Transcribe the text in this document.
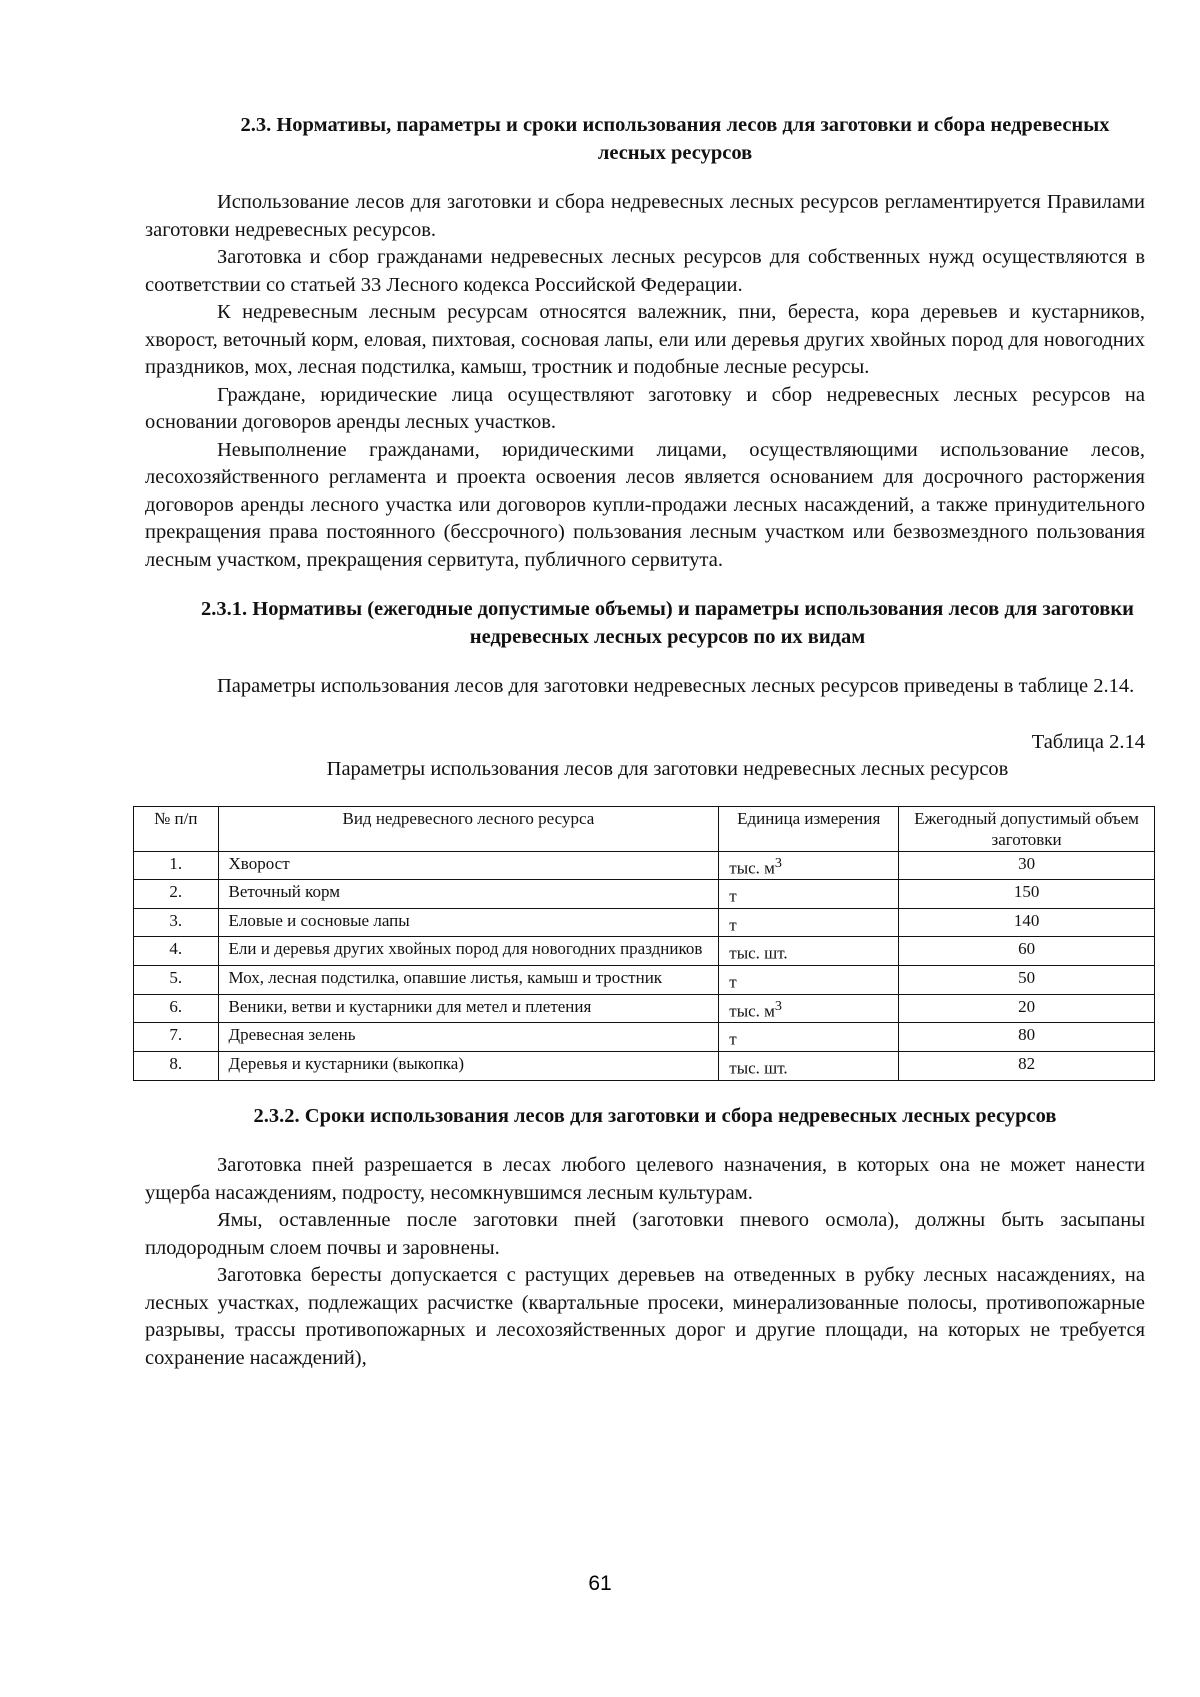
2.3. Нормативы, параметры и сроки использования лесов для заготовки и сбора недревесных лесных ресурсов

Использование лесов для заготовки и сбора недревесных лесных ресурсов регламентируется Правилами заготовки недревесных ресурсов.

Заготовка и сбор гражданами недревесных лесных ресурсов для собственных нужд осуществляются в соответствии со статьей 33 Лесного кодекса Российской Федерации.

К недревесным лесным ресурсам относятся валежник, пни, береста, кора деревьев и кустарников, хворост, веточный корм, еловая, пихтовая, сосновая лапы, ели или деревья других хвойных пород для новогодних праздников, мох, лесная подстилка, камыш, тростник и подобные лесные ресурсы.

Граждане, юридические лица осуществляют заготовку и сбор недревесных лесных ресурсов на основании договоров аренды лесных участков.

Невыполнение гражданами, юридическими лицами, осуществляющими использование лесов, лесохозяйственного регламента и проекта освоения лесов является основанием для досрочного расторжения договоров аренды лесного участка или договоров купли-продажи лесных насаждений, а также принудительного прекращения права постоянного (бессрочного) пользования лесным участком или безвозмездного пользования лесным участком, прекращения сервитута, публичного сервитута.

2.3.1. Нормативы (ежегодные допустимые объемы) и параметры использования лесов для заготовки недревесных лесных ресурсов по их видам

Параметры использования лесов для заготовки недревесных лесных ресурсов приведены в таблице 2.14.

Таблица 2.14

Параметры использования лесов для заготовки недревесных лесных ресурсов

№ п/п	Вид недревесного лесного ресурса	Единица измерения	Ежегодный допустимый объем заготовки
1.	Хворост	тыс. $м^3$	30
2.	Веточный корм	т	150
3.	Еловые и сосновые лапы	т	140
4.	Ели и деревья других хвойных пород для новогодних праздников	тыс. шт.	60
5.	Мох, лесная подстилка, опавшие листья, камыш и тростник	т	50
6.	Веники, ветви и кустарники для метел и плетения	тыс. $м^3$	20
7.	Древесная зелень	т	80
8.	Деревья и кустарники (выкопка)	тыс. шт.	82
2.3.2. Сроки использования лесов для заготовки и сбора недревесных лесных ресурсов

Заготовка пней разрешается в лесах любого целевого назначения, в которых она не может нанести ущерба насаждениям, подросту, несомкнувшимся лесным культурам.

Ямы, оставленные после заготовки пней (заготовки пневого осмола), должны быть засыпаны плодородным слоем почвы и заровнены.

Заготовка бересты допускается с растущих деревьев на отведенных в рубку лесных насаждениях, на лесных участках, подлежащих расчистке (квартальные просеки, минерализованные полосы, противопожарные разрывы, трассы противопожарных и лесохозяйственных дорог и другие площади, на которых не требуется сохранение насаждений),

61
